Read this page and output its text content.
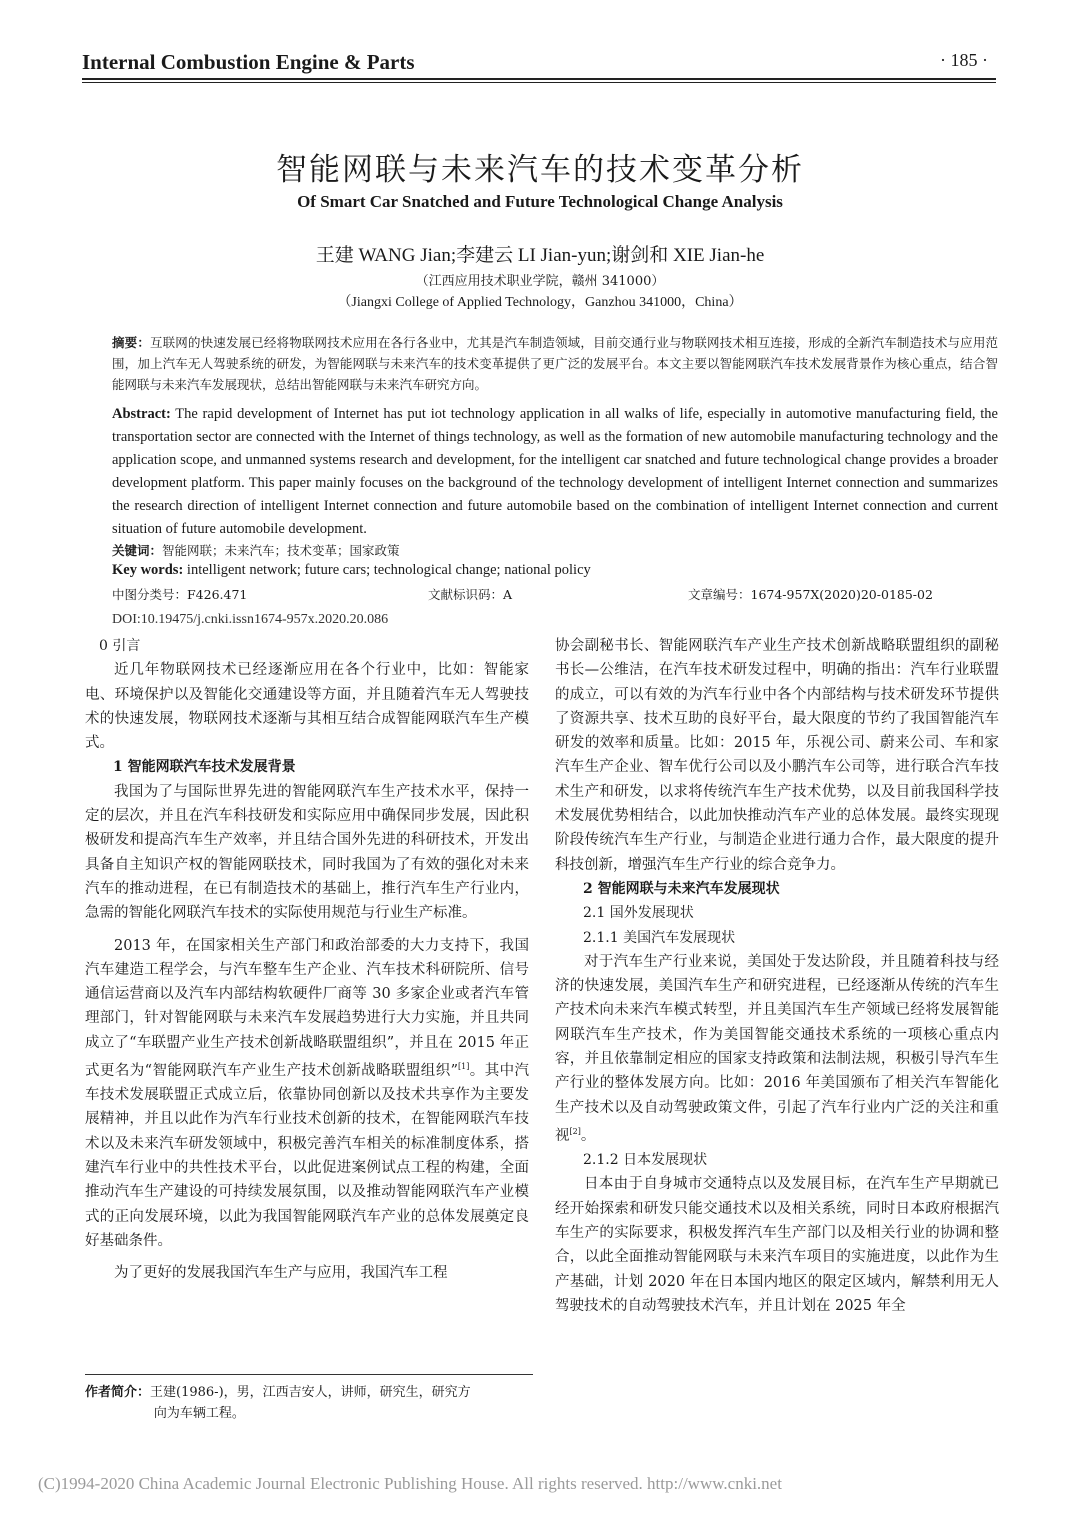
Internal Combustion Engine & Parts	· 185 ·
智能网联与未来汽车的技术变革分析
Of Smart Car Snatched and Future Technological Change Analysis
王建 WANG Jian;李建云 LI Jian-yun;谢剑和 XIE Jian-he
（江西应用技术职业学院，赣州 341000）
（Jiangxi College of Applied Technology，Ganzhou 341000，China）
摘要：互联网的快速发展已经将物联网技术应用在各行各业中，尤其是汽车制造领域，目前交通行业与物联网技术相互连接，形成的全新汽车制造技术与应用范围，加上汽车无人驾驶系统的研发，为智能网联与未来汽车的技术变革提供了更广泛的发展平台。本文主要以智能网联汽车技术发展背景作为核心重点，结合智能网联与未来汽车发展现状，总结出智能网联与未来汽车研究方向。
Abstract: The rapid development of Internet has put iot technology application in all walks of life, especially in automotive manufacturing field, the transportation sector are connected with the Internet of things technology, as well as the formation of new automobile manufacturing technology and the application scope, and unmanned systems research and development, for the intelligent car snatched and future technological change provides a broader development platform. This paper mainly focuses on the background of the technology development of intelligent Internet connection and summarizes the research direction of intelligent Internet connection and future automobile based on the combination of intelligent Internet connection and current situation of future automobile development.
关键词：智能网联；未来汽车；技术变革；国家政策
Key words: intelligent network; future cars; technological change; national policy
中图分类号：F426.471	文献标识码：A	文章编号：1674-957X(2020)20-0185-02
DOI:10.19475/j.cnki.issn1674-957x.2020.20.086
0 引言

近几年物联网技术已经逐渐应用在各个行业中，比如：智能家电、环境保护以及智能化交通建设等方面，并且随着汽车无人驾驶技术的快速发展，物联网技术逐渐与其相互结合成智能网联汽车生产模式。

1 智能网联汽车技术发展背景

我国为了与国际世界先进的智能网联汽车生产技术水平，保持一定的层次，并且在汽车科技研发和实际应用中确保同步发展，因此积极研发和提高汽车生产效率，并且结合国外先进的科研技术，开发出具备自主知识产权的智能网联技术，同时我国为了有效的强化对未来汽车的推动进程，在已有制造技术的基础上，推行汽车生产行业内，急需的智能化网联汽车技术的实际使用规范与行业生产标准。

2013 年，在国家相关生产部门和政治部委的大力支持下，我国汽车建造工程学会，与汽车整车生产企业、汽车技术科研院所、信号通信运营商以及汽车内部结构软硬件厂商等 30 多家企业或者汽车管理部门，针对智能网联与未来汽车发展趋势进行大力实施，并且共同成立了“车联盟产业生产技术创新战略联盟组织”，并且在 2015 年正式更名为“智能网联汽车产业生产技术创新战略联盟组织”[1]。其中汽车技术发展联盟正式成立后，依靠协同创新以及技术共享作为主要发展精神，并且以此作为汽车行业技术创新的技术，在智能网联汽车技术以及未来汽车研发领域中，积极完善汽车相关的标准制度体系，搭建汽车行业中的共性技术平台，以此促进案例试点工程的构建，全面推动汽车生产建设的可持续发展氛围，以及推动智能网联汽车产业模式的正向发展环境，以此为我国智能网联汽车产业的总体发展奠定良好基础条件。

为了更好的发展我国汽车生产与应用，我国汽车工程

协会副秘书长、智能网联汽车产业生产技术创新战略联盟组织的副秘书长—公维洁，在汽车技术研发过程中，明确的指出：汽车行业联盟的成立，可以有效的为汽车行业中各个内部结构与技术研发环节提供了资源共享、技术互助的良好平台，最大限度的节约了我国智能汽车研发的效率和质量。比如：2015 年，乐视公司、蔚来公司、车和家汽车生产企业、智车优行公司以及小鹏汽车公司等，进行联合汽车技术生产和研发，以求将传统汽车生产技术优势，以及目前我国科学技术发展优势相结合，以此加快推动汽车产业的总体发展。最终实现现阶段传统汽车生产行业，与制造企业进行通力合作，最大限度的提升科技创新，增强汽车生产行业的综合竞争力。

2 智能网联与未来汽车发展现状
2.1 国外发展现状
2.1.1 美国汽车发展现状

对于汽车生产行业来说，美国处于发达阶段，并且随着科技与经济的快速发展，美国汽车生产和研究进程，已经逐渐从传统的汽车生产技术向未来汽车模式转型，并且美国汽车生产领域已经将发展智能网联汽车生产技术，作为美国智能交通技术系统的一项核心重点内容，并且依靠制定相应的国家支持政策和法制法规，积极引导汽车生产行业的整体发展方向。比如：2016 年美国颁布了相关汽车智能化生产技术以及自动驾驶政策文件，引起了汽车行业内广泛的关注和重视[2]。

2.1.2 日本发展现状

日本由于自身城市交通特点以及发展目标，在汽车生产早期就已经开始探索和研发只能交通技术以及相关系统，同时日本政府根据汽车生产的实际要求，积极发挥汽车生产部门以及相关行业的协调和整合，以此全面推动智能网联与未来汽车项目的实施进度，以此作为生产基础，计划 2020 年在日本国内地区的限定区域内，解禁利用无人驾驶技术的自动驾驶技术汽车，并且计划在 2025 年全

作者简介：王建(1986-)，男，江西吉安人，讲师，研究生，研究方
向为车辆工程。
(C)1994-2020 China Academic Journal Electronic Publishing House. All rights reserved. http://www.cnki.net
